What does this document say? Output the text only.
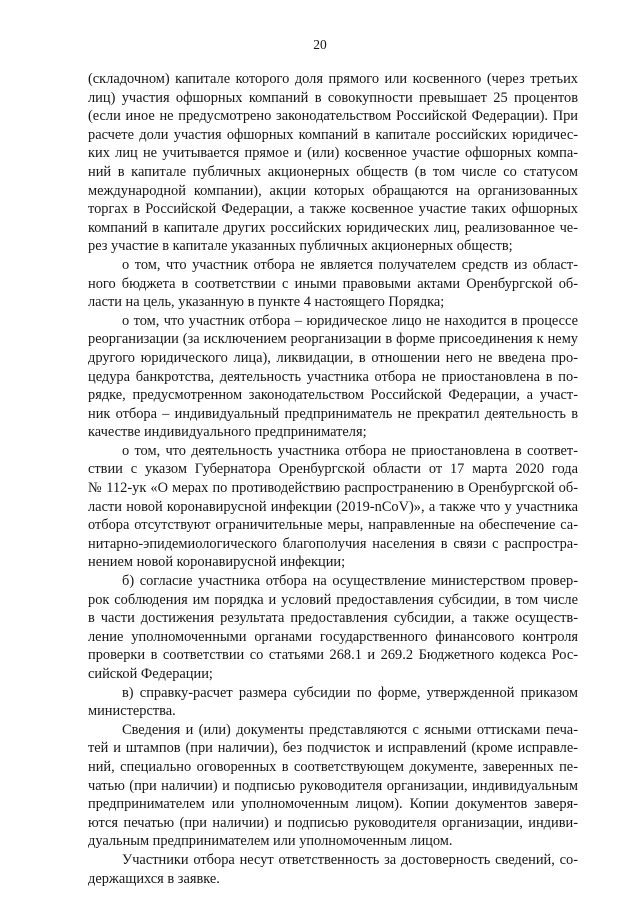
20
(складочном) капитале которого доля прямого или косвенного (через третьих
лиц) участия офшорных компаний в совокупности превышает 25 процентов
(если иное не предусмотрено законодательством Российской Федерации). При
расчете доли участия офшорных компаний в капитале российских юридичес-
ких лиц не учитывается прямое и (или) косвенное участие офшорных компа-
ний в капитале публичных акционерных обществ (в том числе со статусом
международной компании), акции которых обращаются на организованных
торгах в Российской Федерации, а также косвенное участие таких офшорных
компаний в капитале других российских юридических лиц, реализованное че-
рез участие в капитале указанных публичных акционерных обществ;
о том, что участник отбора не является получателем средств из област-
ного бюджета в соответствии с иными правовыми актами Оренбургской об-
ласти на цель, указанную в пункте 4 настоящего Порядка;
о том, что участник отбора – юридическое лицо не находится в процессе
реорганизации (за исключением реорганизации в форме присоединения к нему
другого юридического лица), ликвидации, в отношении него не введена про-
цедура банкротства, деятельность участника отбора не приостановлена в по-
рядке, предусмотренном законодательством Российской Федерации, а участ-
ник отбора – индивидуальный предприниматель не прекратил деятельность в
качестве индивидуального предпринимателя;
о том, что деятельность участника отбора не приостановлена в соответ-
ствии с указом Губернатора Оренбургской области от 17 марта 2020 года
№ 112-ук «О мерах по противодействию распространению в Оренбургской об-
ласти новой коронавирусной инфекции (2019-nCoV)», а также что у участника
отбора отсутствуют ограничительные меры, направленные на обеспечение са-
нитарно-эпидемиологического благополучия населения в связи с распростра-
нением новой коронавирусной инфекции;
б) согласие участника отбора на осуществление министерством провер-
рок соблюдения им порядка и условий предоставления субсидии, в том числе
в части достижения результата предоставления субсидии, а также осуществ-
ление уполномоченными органами государственного финансового контроля
проверки в соответствии со статьями 268.1 и 269.2 Бюджетного кодекса Рос-
сийской Федерации;
в) справку-расчет размера субсидии по форме, утвержденной приказом
министерства.
Сведения и (или) документы представляются с ясными оттисками печа-
тей и штампов (при наличии), без подчисток и исправлений (кроме исправле-
ний, специально оговоренных в соответствующем документе, заверенных пе-
чатью (при наличии) и подписью руководителя организации, индивидуальным
предпринимателем или уполномоченным лицом). Копии документов заверя-
ются печатью (при наличии) и подписью руководителя организации, индиви-
дуальным предпринимателем или уполномоченным лицом.
Участники отбора несут ответственность за достоверность сведений, со-
держащихся в заявке.
